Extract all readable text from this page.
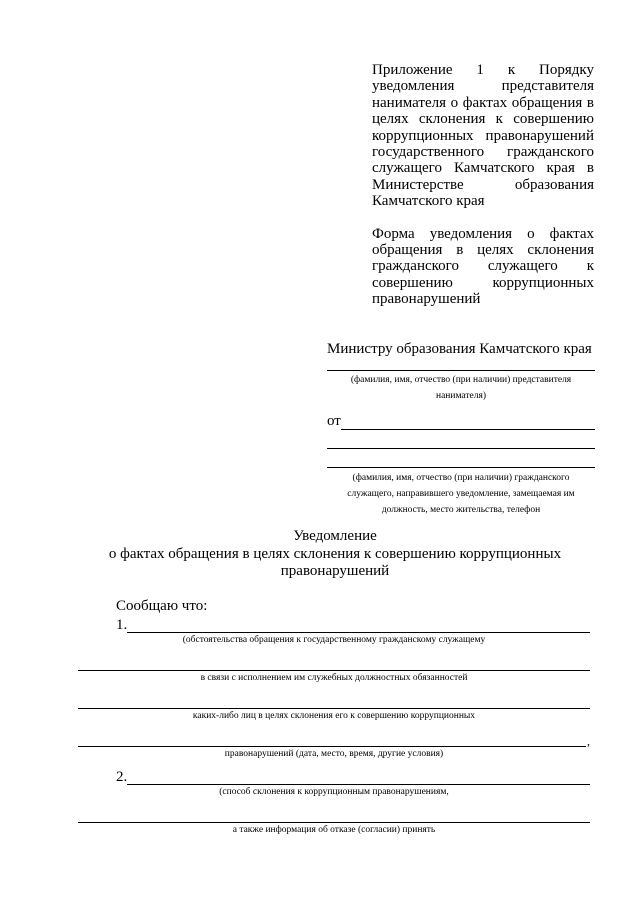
Приложение 1 к Порядку уведомления представителя нанимателя о фактах обращения в целях склонения к совершению коррупционных правонарушений государственного гражданского служащего Камчатского края в Министерстве образования Камчатского края

Форма уведомления о фактах обращения в целях склонения гражданского служащего к совершению коррупционных правонарушений

Министру образования Камчатского края
(фамилия, имя, отчество (при наличии) представителя
нанимателя)
от
(фамилия, имя, отчество (при наличии) гражданского
служащего, направившего уведомление, замещаемая им
должность, место жительства, телефон
Уведомление
о фактах обращения в целях склонения к совершению коррупционных
правонарушений
Сообщаю что:
1.
(обстоятельства обращения к государственному гражданскому служащему
в связи с исполнением им служебных должностных обязанностей
каких-либо лиц в целях склонения его к совершению коррупционных
,
правонарушений (дата, место, время, другие условия)
2.
(способ склонения к коррупционным правонарушениям,
а также информация об отказе (согласии) принять
